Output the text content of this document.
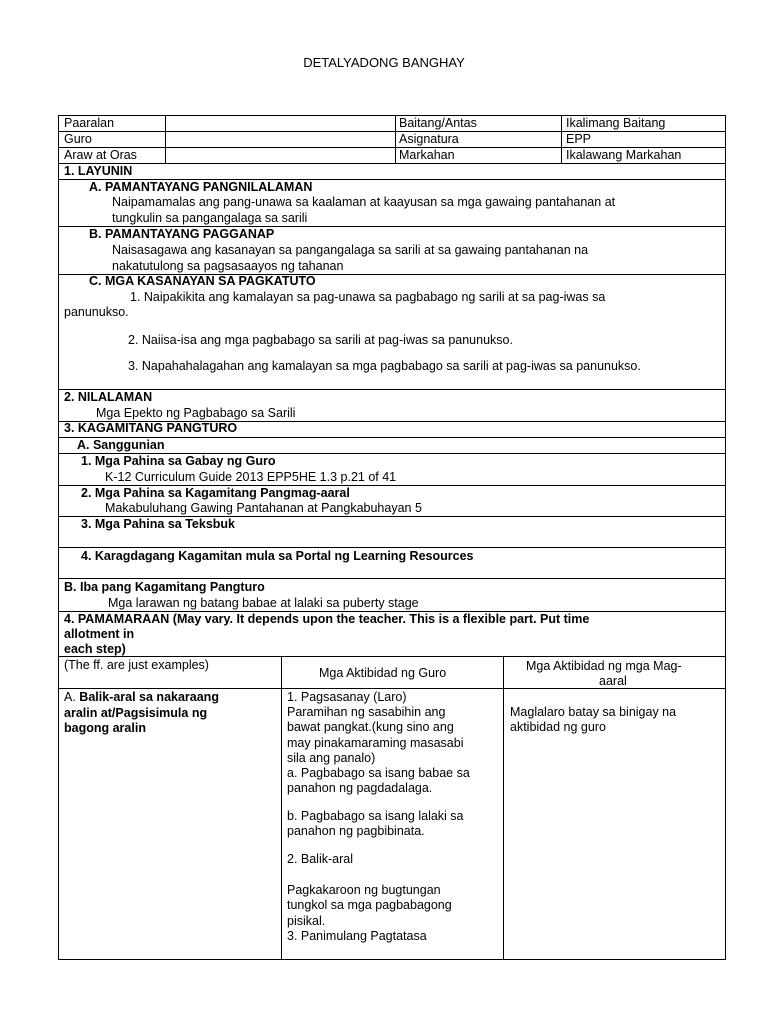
DETALYADONG BANGHAY
Paaralan
Guro
Araw at Oras
Baitang/Antas
Asignatura
Markahan
Ikalimang Baitang
EPP
Ikalawang Markahan
1. LAYUNIN
A. PAMANTAYANG PANGNILALAMAN
Naipamamalas ang pang-unawa sa kaalaman at kaayusan sa mga gawaing pantahanan at
tungkulin sa pangangalaga sa sarili
B. PAMANTAYANG PAGGANAP
Naisasagawa ang kasanayan sa pangangalaga sa sarili at sa gawaing pantahanan na
nakatutulong sa pagsasaayos ng tahanan
C. MGA KASANAYAN SA PAGKATUTO
1. Naipakikita ang kamalayan sa pag-unawa sa pagbabago ng sarili at sa pag-iwas sa
panunukso.
2. Naiisa-isa ang mga pagbabago sa sarili at pag-iwas sa panunukso.
3. Napahahalagahan ang kamalayan sa mga pagbabago sa sarili at pag-iwas sa panunukso.
2. NILALAMAN
Mga Epekto ng Pagbabago sa Sarili
3. KAGAMITANG PANGTURO
A. Sanggunian
1. Mga Pahina sa Gabay ng Guro
K-12 Curriculum Guide 2013 EPP5HE 1.3 p.21 of 41
2. Mga Pahina sa Kagamitang Pangmag-aaral
Makabuluhang Gawing Pantahanan at Pangkabuhayan 5
3. Mga Pahina sa Teksbuk
4. Karagdagang Kagamitan mula sa Portal ng Learning Resources
B. Iba pang Kagamitang Pangturo
Mga larawan ng batang babae at lalaki sa puberty stage
4. PAMAMARAAN (May vary. It depends upon the teacher. This is a flexible part. Put time
allotment in
each step)
(The ff. are just examples)
Mga Aktibidad ng Guro	Mga Aktibidad ng mga Mag-
aaral
A. Balik-aral sa nakaraang
aralin at/Pagsisimula ng
bagong aralin
1. Pagsasanay (Laro)
Paramihan ng sasabihin ang
bawat pangkat.(kung sino ang
may pinakamaraming masasabi
sila ang panalo)
a. Pagbabago sa isang babae sa
panahon ng pagdadalaga.
b. Pagbabago sa isang lalaki sa
panahon ng pagbibinata.
2. Balik-aral
Pagkakaroon ng bugtungan
tungkol sa mga pagbabagong
pisikal.
3. Panimulang Pagtatasa
Maglalaro batay sa binigay na
aktibidad ng guro
